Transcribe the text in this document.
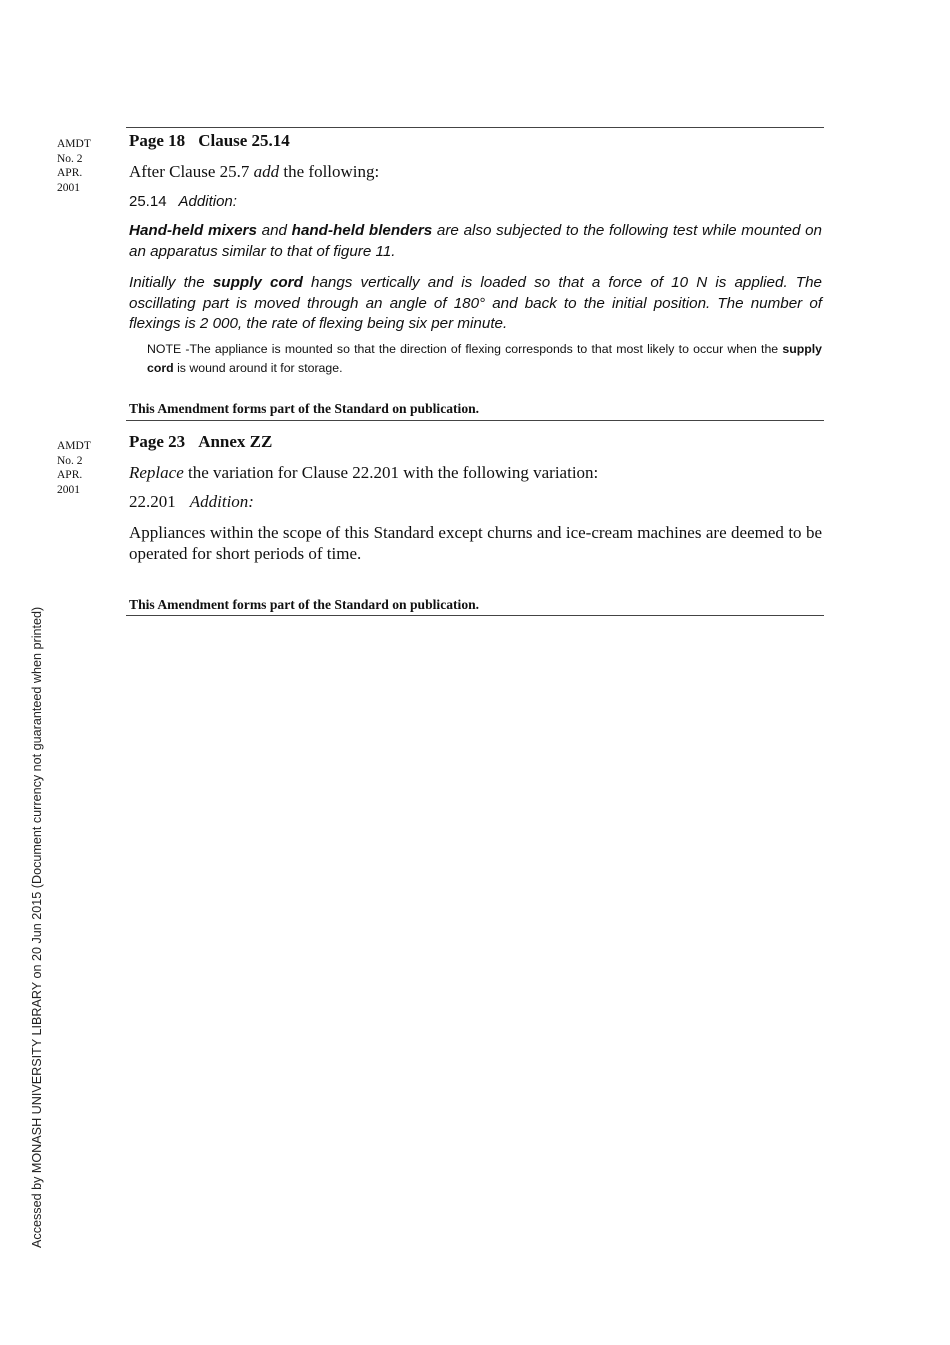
AMDT
No. 2
APR.
2001
Page 18 Clause 25.14
After Clause 25.7 add the following:
25.14 Addition:
Hand-held mixers and hand-held blenders are also subjected to the following test while mounted on an apparatus similar to that of figure 11.
Initially the supply cord hangs vertically and is loaded so that a force of 10 N is applied. The oscillating part is moved through an angle of 180° and back to the initial position. The number of flexings is 2 000, the rate of flexing being six per minute.
NOTE -The appliance is mounted so that the direction of flexing corresponds to that most likely to occur when the supply cord is wound around it for storage.
This Amendment forms part of the Standard on publication.
AMDT
No. 2
APR.
2001
Page 23 Annex ZZ
Replace the variation for Clause 22.201 with the following variation:
22.201 Addition:
Appliances within the scope of this Standard except churns and ice-cream machines are deemed to be operated for short periods of time.
This Amendment forms part of the Standard on publication.
Accessed by MONASH UNIVERSITY LIBRARY on 20 Jun 2015 (Document currency not guaranteed when printed)
